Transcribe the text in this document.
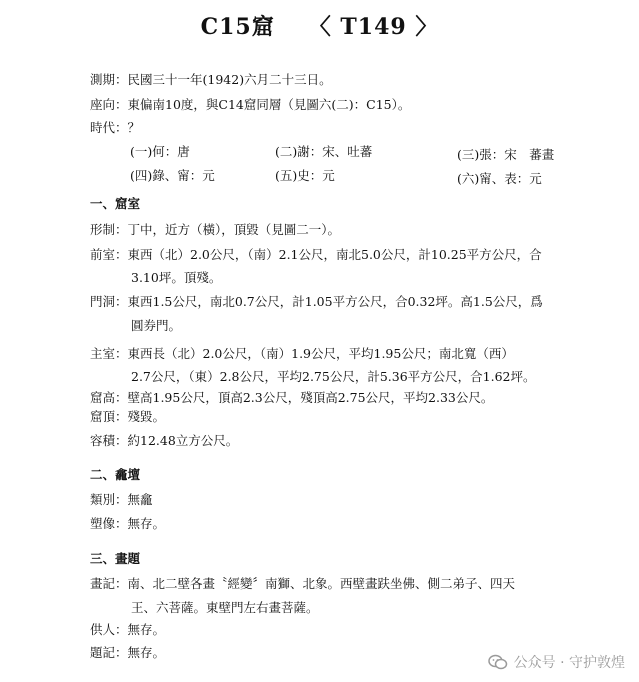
C15窟 〈 T149 〉
測期：民國三十一年(1942)六月二十三日。
座向：東偏南10度，與C14窟同層（見圖六(二)：C15）。
時代：？
(一)何：唐	(二)謝：宋、吐蕃	(三)張：宋　蕃畫
(四)錄、甯：元	(五)史：元	(六)甯、表：元
一、窟室
形制：丁中，近方（橫），頂毀（見圖二一）。
前室：東西（北）2.0公尺，（南）2.1公尺，南北5.0公尺，計10.25平方公尺，合
3.10坪。頂殘。
門洞：東西1.5公尺，南北0.7公尺，計1.05平方公尺，合0.32坪。高1.5公尺，爲
圓券門。
主室：東西長（北）2.0公尺，（南）1.9公尺，平均1.95公尺；南北寬（西）
2.7公尺，（東）2.8公尺，平均2.75公尺，計5.36平方公尺，合1.62坪。
窟高：壁高1.95公尺，頂高2.3公尺，殘頂高2.75公尺，平均2.33公尺。
窟頂：殘毀。
容積：約12.48立方公尺。
二、龕壇
類別：無龕
塑像：無存。
三、畫題
畫記：南、北二壁各畫〝經變〞南獅、北象。西壁畫趺坐佛、側二弟子、四天
王、六菩薩。東壁門左右畫菩薩。
供人：無存。
題記：無存。
公众号 · 守护敦煌
